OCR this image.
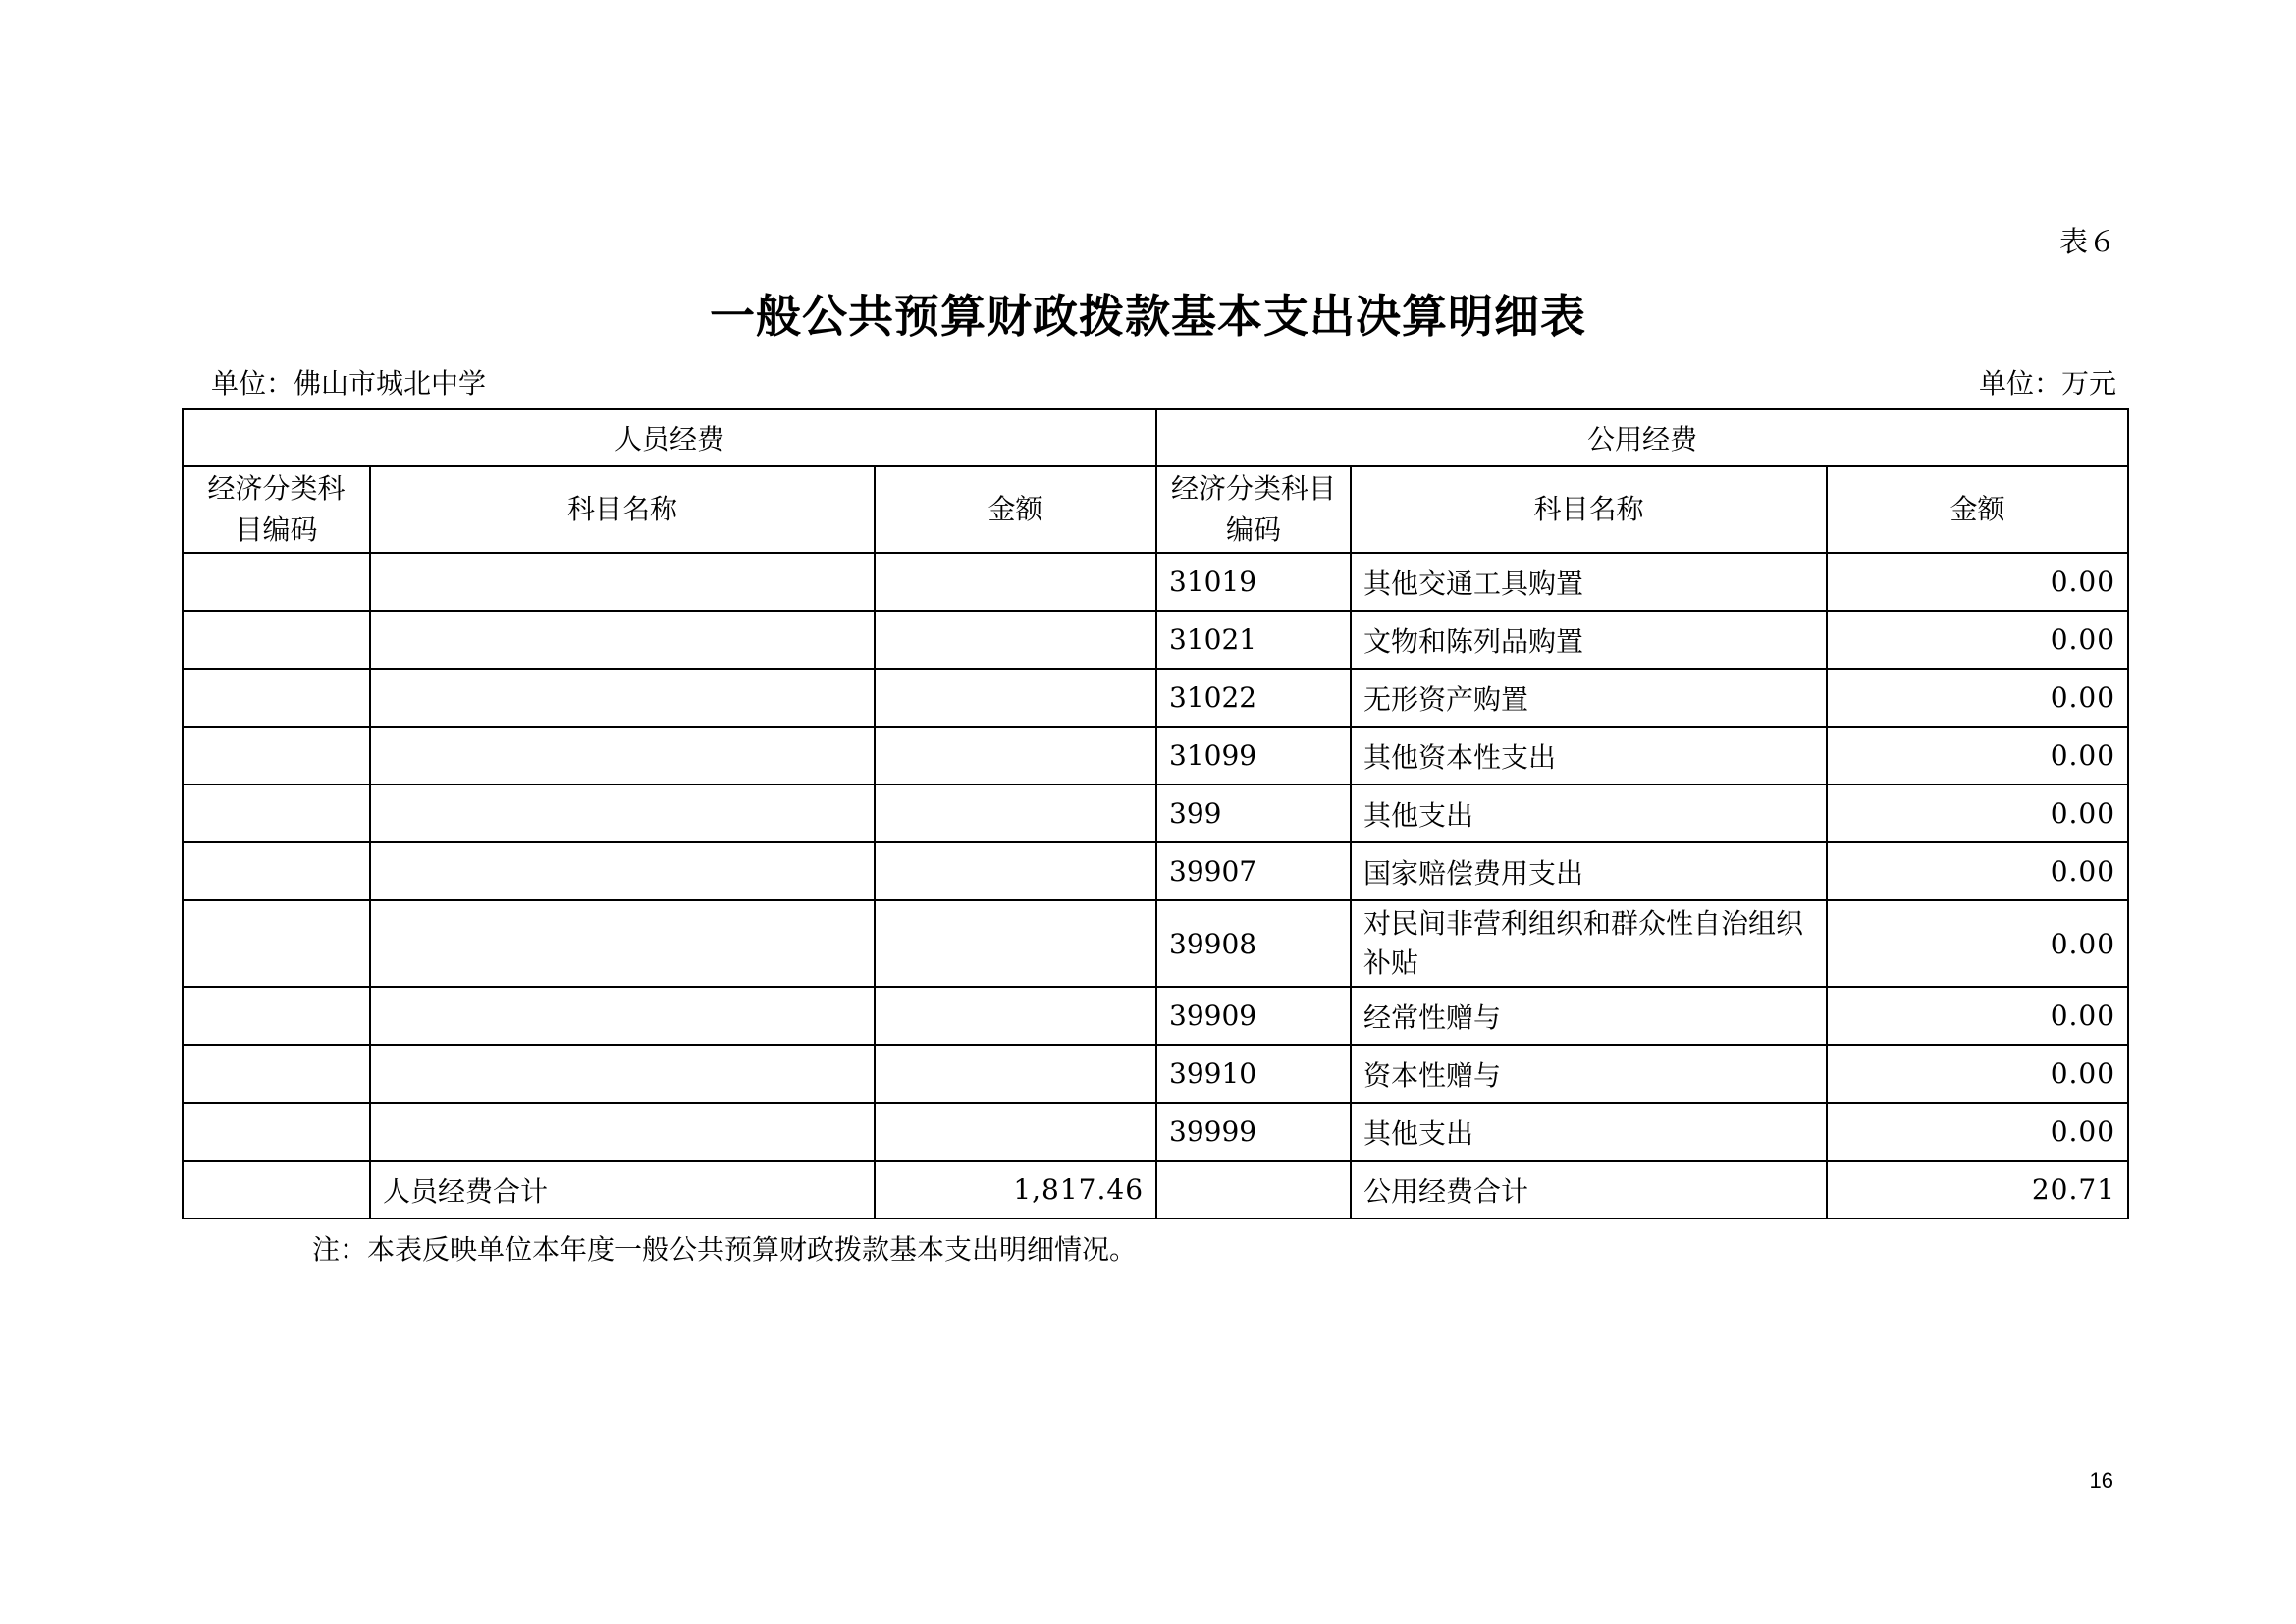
表６
一般公共预算财政拨款基本支出决算明细表
单位：佛山市城北中学	单位：万元
人员经费			公用经费		
经济分类科目编码	科目名称	金额	经济分类科目编码	科目名称	金额
			31019	其他交通工具购置	0.00
			31021	文物和陈列品购置	0.00
			31022	无形资产购置	0.00
			31099	其他资本性支出	0.00
			399	其他支出	0.00
			39907	国家赔偿费用支出	0.00
			39908	对民间非营利组织和群众性自治组织补贴	0.00
			39909	经常性赠与	0.00
			39910	资本性赠与	0.00
			39999	其他支出	0.00
	人员经费合计	1,817.46		公用经费合计	20.71
注：本表反映单位本年度一般公共预算财政拨款基本支出明细情况。
16
